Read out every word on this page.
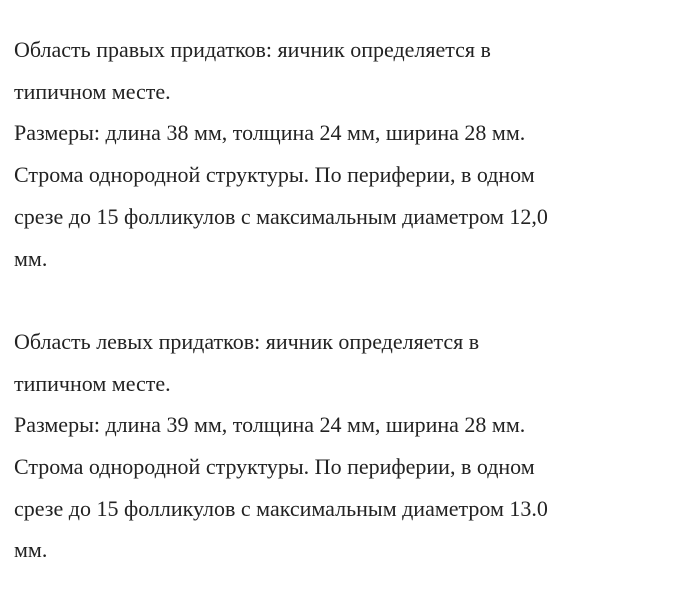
Область правых придатков: яичник определяется в
типичном месте.
Размеры: длина 38 мм, толщина 24 мм, ширина 28 мм.
Строма однородной структуры. По периферии, в одном
срезе до 15 фолликулов с максимальным диаметром 12,0
мм.
Область левых придатков: яичник определяется в
типичном месте.
Размеры: длина 39 мм, толщина 24 мм, ширина 28 мм.
Строма однородной структуры. По периферии, в одном
срезе до 15 фолликулов с максимальным диаметром 13.0
мм.
